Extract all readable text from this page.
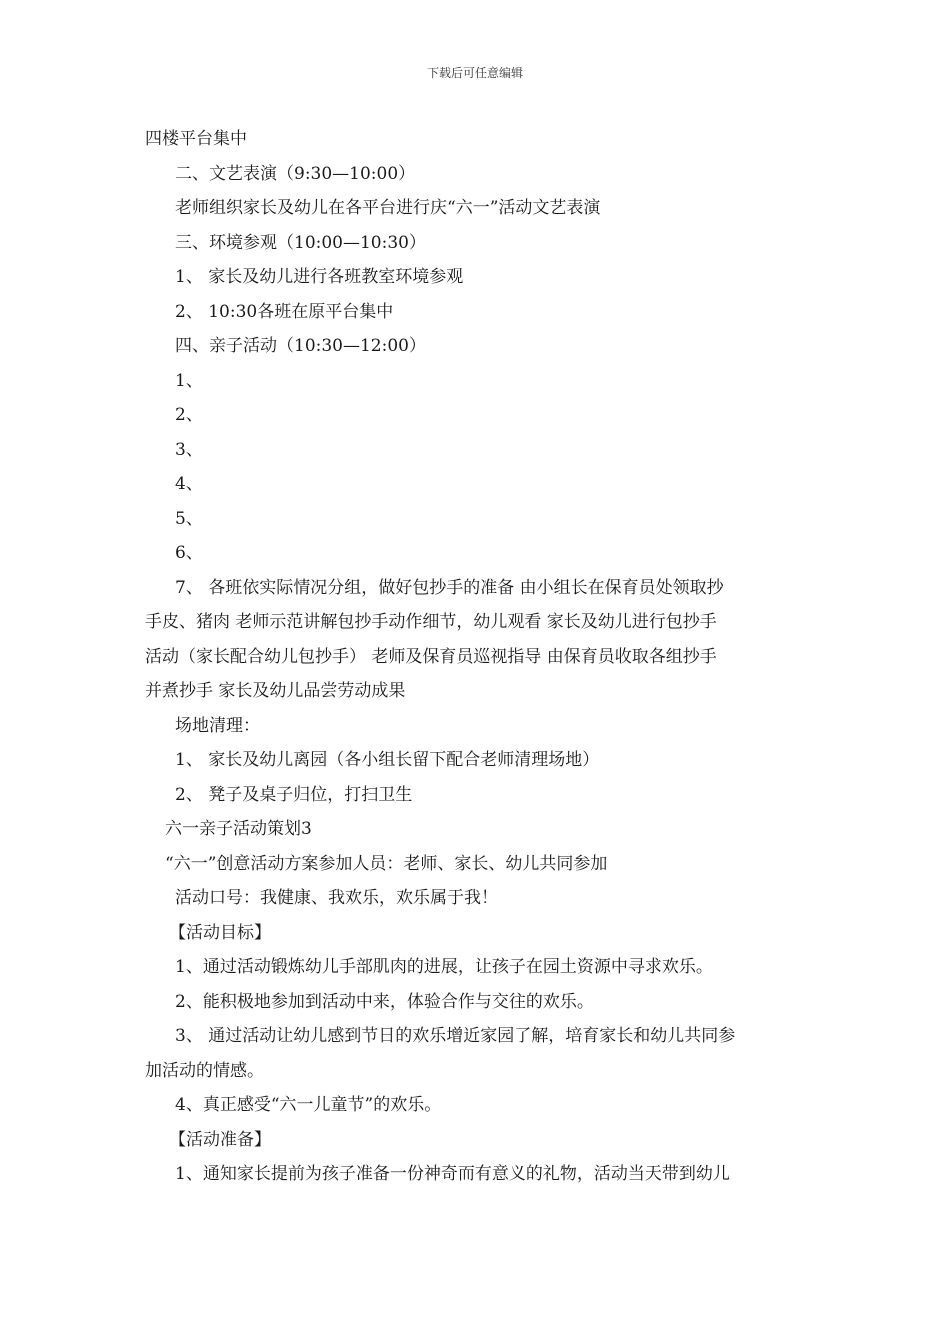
下载后可任意编辑
四楼平台集中
二、文艺表演（9:30—10:00）
老师组织家长及幼儿在各平台进行庆“六一”活动文艺表演
三、环境参观（10:00—10:30）
1、 家长及幼儿进行各班教室环境参观
2、 10:30各班在原平台集中
四、亲子活动（10:30—12:00）
1、
2、
3、
4、
5、
6、
7、 各班依实际情况分组，做好包抄手的准备 由小组长在保育员处领取抄
手皮、猪肉 老师示范讲解包抄手动作细节，幼儿观看 家长及幼儿进行包抄手
活动（家长配合幼儿包抄手） 老师及保育员巡视指导 由保育员收取各组抄手
并煮抄手 家长及幼儿品尝劳动成果
场地清理：
1、 家长及幼儿离园（各小组长留下配合老师清理场地）
2、 凳子及桌子归位，打扫卫生
六一亲子活动策划3
“六一”创意活动方案参加人员：老师、家长、幼儿共同参加
活动口号：我健康、我欢乐，欢乐属于我！
【活动目标】
1、通过活动锻炼幼儿手部肌肉的进展，让孩子在园土资源中寻求欢乐。
2、能积极地参加到活动中来，体验合作与交往的欢乐。
3、 通过活动让幼儿感到节日的欢乐增近家园了解，培育家长和幼儿共同参
加活动的情感。
4、真正感受“六一儿童节”的欢乐。
【活动准备】
1、通知家长提前为孩子准备一份神奇而有意义的礼物，活动当天带到幼儿
